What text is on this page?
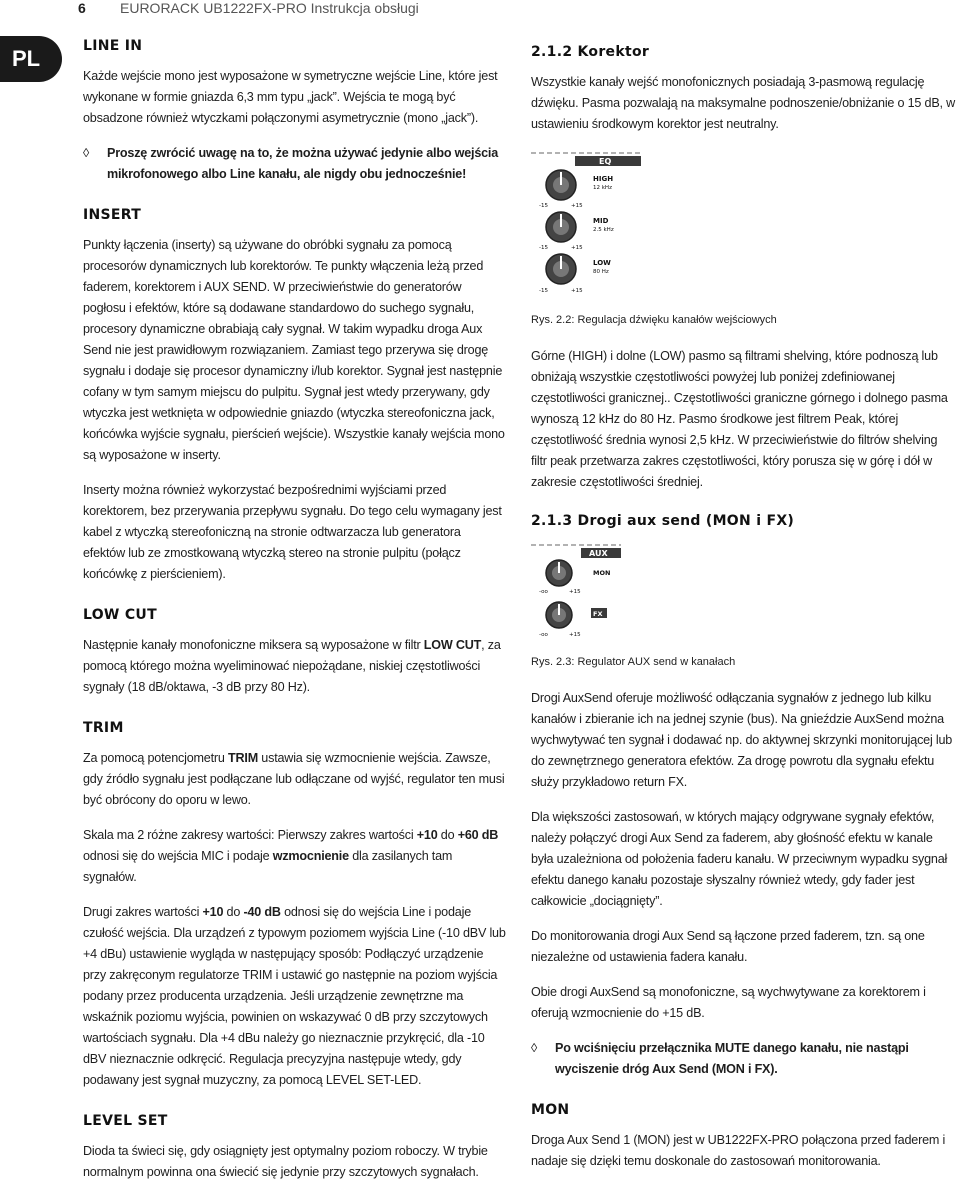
6 EURORACK UB1222FX-PRO Instrukcja obsługi
PL	LINE IN

Każde wejście mono jest wyposażone w symetryczne wejście Line, które jest wykonane w formie gniazda 6,3 mm typu „jack”. Wejścia te mogą być obsadzone również wtyczkami połączonymi asymetrycznie (mono „jack”).

◊ Proszę zwrócić uwagę na to, że można używać jedynie albo wejścia mikrofonowego albo Line kanału, ale nigdy obu jednocześnie!

INSERT

Punkty łączenia (inserty) są używane do obróbki sygnału za pomocą procesorów dynamicznych lub korektorów. Te punkty włączenia leżą przed faderem, korektorem i AUX SEND. W przeciwieństwie do generatorów pogłosu i efektów, które są dodawane standardowo do suchego sygnału, procesory dynamiczne obrabiają cały sygnał. W takim wypadku droga Aux Send nie jest prawidłowym rozwiązaniem. Zamiast tego przerywa się drogę sygnału i dodaje się procesor dynamiczny i/lub korektor. Sygnał jest następnie cofany w tym samym miejscu do pulpitu. Sygnał jest wtedy przerywany, gdy wtyczka jest wetknięta w odpowiednie gniazdo (wtyczka stereofoniczna jack, końcówka wyjście sygnału, pierścień wejście). Wszystkie kanały wejścia mono są wyposażone w inserty.

Inserty można również wykorzystać bezpośrednimi wyjściami przed korektorem, bez przerywania przepływu sygnału. Do tego celu wymagany jest kabel z wtyczką stereofoniczną na stronie odtwarzacza lub generatora efektów lub ze zmostkowaną wtyczką stereo na stronie pulpitu (połącz końcówkę z pierścieniem).

LOW CUT

Następnie kanały monofoniczne miksera są wyposażone w filtr LOW CUT, za pomocą którego można wyeliminować niepożądane, niskiej częstotliwości sygnały (18 dB/oktawa, -3 dB przy 80 Hz).

TRIM

Za pomocą potencjometru TRIM ustawia się wzmocnienie wejścia. Zawsze, gdy źródło sygnału jest podłączane lub odłączane od wyjść, regulator ten musi być obrócony do oporu w lewo.

Skala ma 2 różne zakresy wartości: Pierwszy zakres wartości +10 do +60 dB odnosi się do wejścia MIC i podaje wzmocnienie dla zasilanych tam sygnałów.

Drugi zakres wartości +10 do -40 dB odnosi się do wejścia Line i podaje czułość wejścia. Dla urządzeń z typowym poziomem wyjścia Line (-10 dBV lub +4 dBu) ustawienie wygląda w następujący sposób: Podłączyć urządzenie przy zakręconym regulatorze TRIM i ustawić go następnie na poziom wyjścia podany przez producenta urządzenia. Jeśli urządzenie zewnętrzne ma wskaźnik poziomu wyjścia, powinien on wskazywać 0 dB przy szczytowych wartościach sygnału. Dla +4 dBu należy go nieznacznie przykręcić, dla -10 dBV nieznacznie odkręcić. Regulacja precyzyjna następuje wtedy, gdy podawany jest sygnał muzyczny, za pomocą LEVEL SET-LED.

LEVEL SET

Dioda ta świeci się, gdy osiągnięty jest optymalny poziom roboczy. W trybie normalnym powinna ona świecić się jedynie przy szczytowych sygnałach.

2.1.2 Korektor

Wszystkie kanały wejść monofonicznych posiadają 3-pasmową regulację dźwięku. Pasma pozwalają na maksymalne podnoszenie/obniżanie o 15 dB, w ustawieniu środkowym korektor jest neutralny.

EQ
HIGH
12 kHz
-15	+15
MID
2.5 kHz
-15	+15
LOW
80 Hz
-15	+15
Rys. 2.2: Regulacja dźwięku kanałów wejściowych

Górne (HIGH) i dolne (LOW) pasmo są filtrami shelving, które podnoszą lub obniżają wszystkie częstotliwości powyżej lub poniżej zdefiniowanej częstotliwości granicznej.. Częstotliwości graniczne górnego i dolnego pasma wynoszą 12 kHz do 80 Hz. Pasmo środkowe jest filtrem Peak, której częstotliwość średnia wynosi 2,5 kHz. W przeciwieństwie do filtrów shelving filtr peak przetwarza zakres częstotliwości, który porusza się w górę i dół w zakresie częstotliwości średniej.

2.1.3 Drogi aux send (MON i FX)
AUX
MON
-oo	+15
FX
-oo	+15
Rys. 2.3: Regulator AUX send w kanałach

Drogi AuxSend oferuje możliwość odłączania sygnałów z jednego lub kilku kanałów i zbieranie ich na jednej szynie (bus). Na gnieździe AuxSend można wychwytywać ten sygnał i dodawać np. do aktywnej skrzynki monitorującej lub do zewnętrznego generatora efektów. Za drogę powrotu dla sygnału efektu służy przykładowo return FX.

Dla większości zastosowań, w których mający odgrywane sygnały efektów, należy połączyć drogi Aux Send za faderem, aby głośność efektu w kanale była uzależniona od położenia faderu kanału. W przeciwnym wypadku sygnał efektu danego kanału pozostaje słyszalny również wtedy, gdy fader jest całkowicie „dociągnięty”.

Do monitorowania drogi Aux Send są łączone przed faderem, tzn. są one niezależne od ustawienia fadera kanału.

Obie drogi AuxSend są monofoniczne, są wychwytywane za korektorem i oferują wzmocnienie do +15 dB.

◊ Po wciśnięciu przełącznika MUTE danego kanału, nie nastąpi wyciszenie dróg Aux Send (MON i FX).

MON

Droga Aux Send 1 (MON) jest w UB1222FX-PRO połączona przed faderem i nadaje się dzięki temu doskonale do zastosowań monitorowania.
